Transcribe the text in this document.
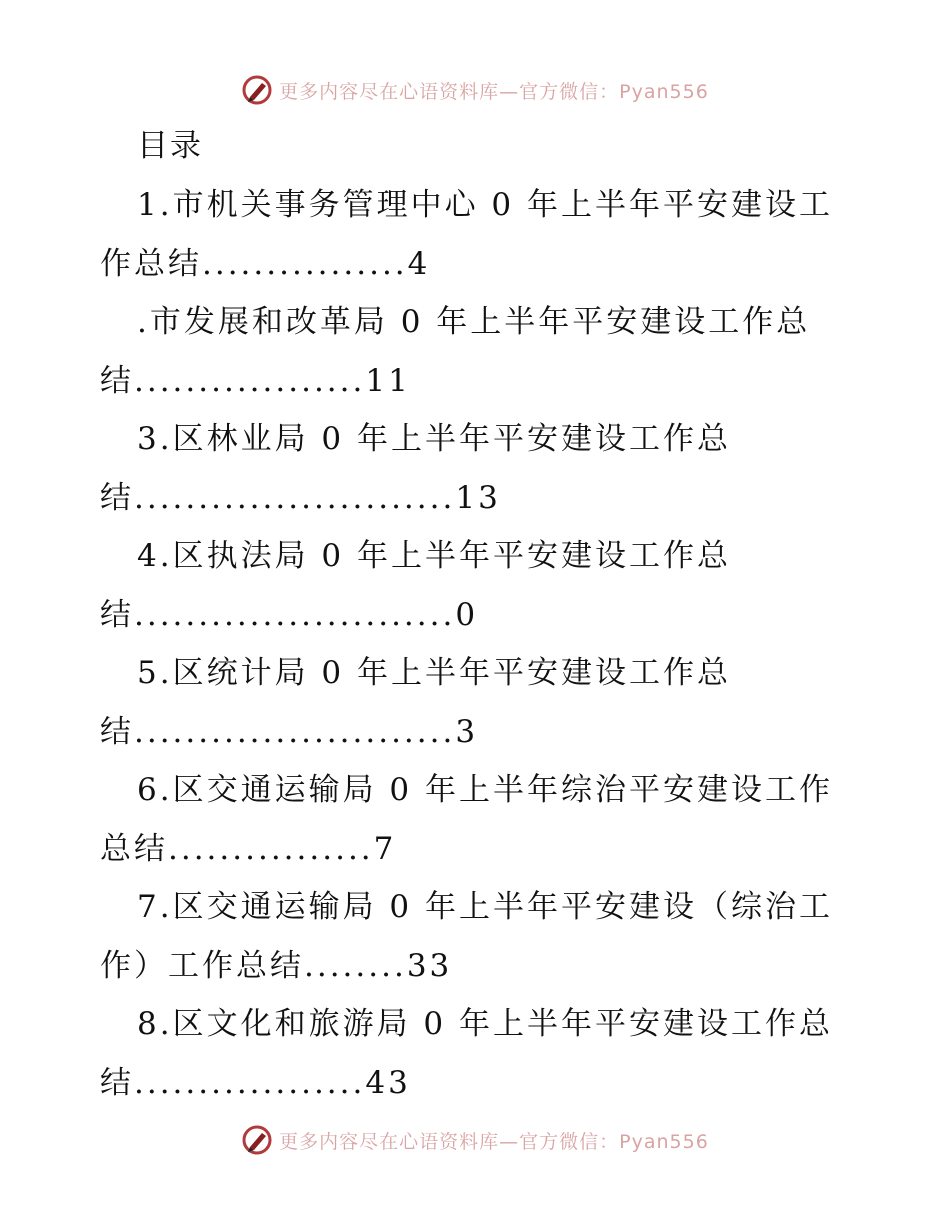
更多内容尽在心语资料库—官方微信：Pyan556
目录
1.市机关事务管理中心 0 年上半年平安建设工
作总结................4
.市发展和改革局 0 年上半年平安建设工作总
结..................11
3.区林业局 0 年上半年平安建设工作总
结.........................13
4.区执法局 0 年上半年平安建设工作总
结.........................0
5.区统计局 0 年上半年平安建设工作总
结.........................3
6.区交通运输局 0 年上半年综治平安建设工作
总结................7
7.区交通运输局 0 年上半年平安建设（综治工
作）工作总结........33
8.区文化和旅游局 0 年上半年平安建设工作总
结..................43
更多内容尽在心语资料库—官方微信：Pyan556
